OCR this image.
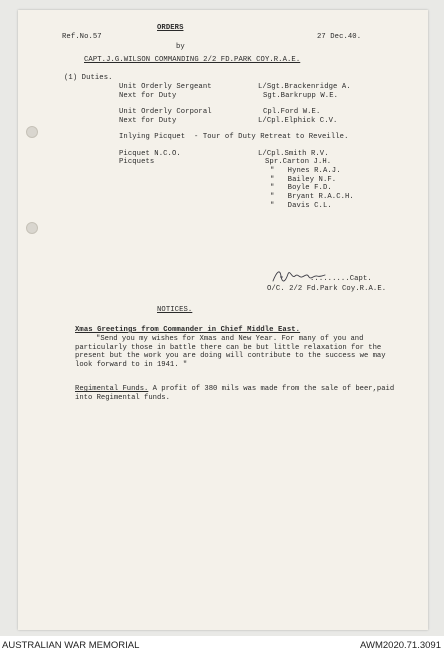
Ref.No.57
ORDERS
by
27 Dec.40.
CAPT.J.G.WILSON COMMANDING 2/2 FD.PARK COY.R.A.E.
(1) Duties.
Unit Orderly Sergeant	L/Sgt.Brackenridge A.
Next for Duty	Sgt.Barkrupp W.E.
Unit Orderly Corporal	Cpl.Ford W.E.
Next for Duty	L/Cpl.Elphick C.V.
Inlying Picquet  - Tour of Duty Retreat to Reveille.
Picquet N.C.O.	L/Cpl.Smith R.V.
Picquets	Spr.Carton J.H.
"   Hynes R.A.J.
"   Bailey N.F.
"   Boyle F.D.
"   Bryant R.A.C.H.
"   Davis C.L.
.........Capt.
O/C. 2/2 Fd.Park Coy.R.A.E.
NOTICES.
Xmas Greetings from Commander in Chief Middle East.
"Send you my wishes for Xmas and New Year. For many of you and particularly those in battle there can be but little relaxation for the present but the work you are doing will contribute to the success we may look forward to in 1941. "
Regimental Funds. A profit of 380 mils was made from the sale of beer,paid into Regimental funds.
AUSTRALIAN WAR MEMORIAL	AWM2020.71.3091
